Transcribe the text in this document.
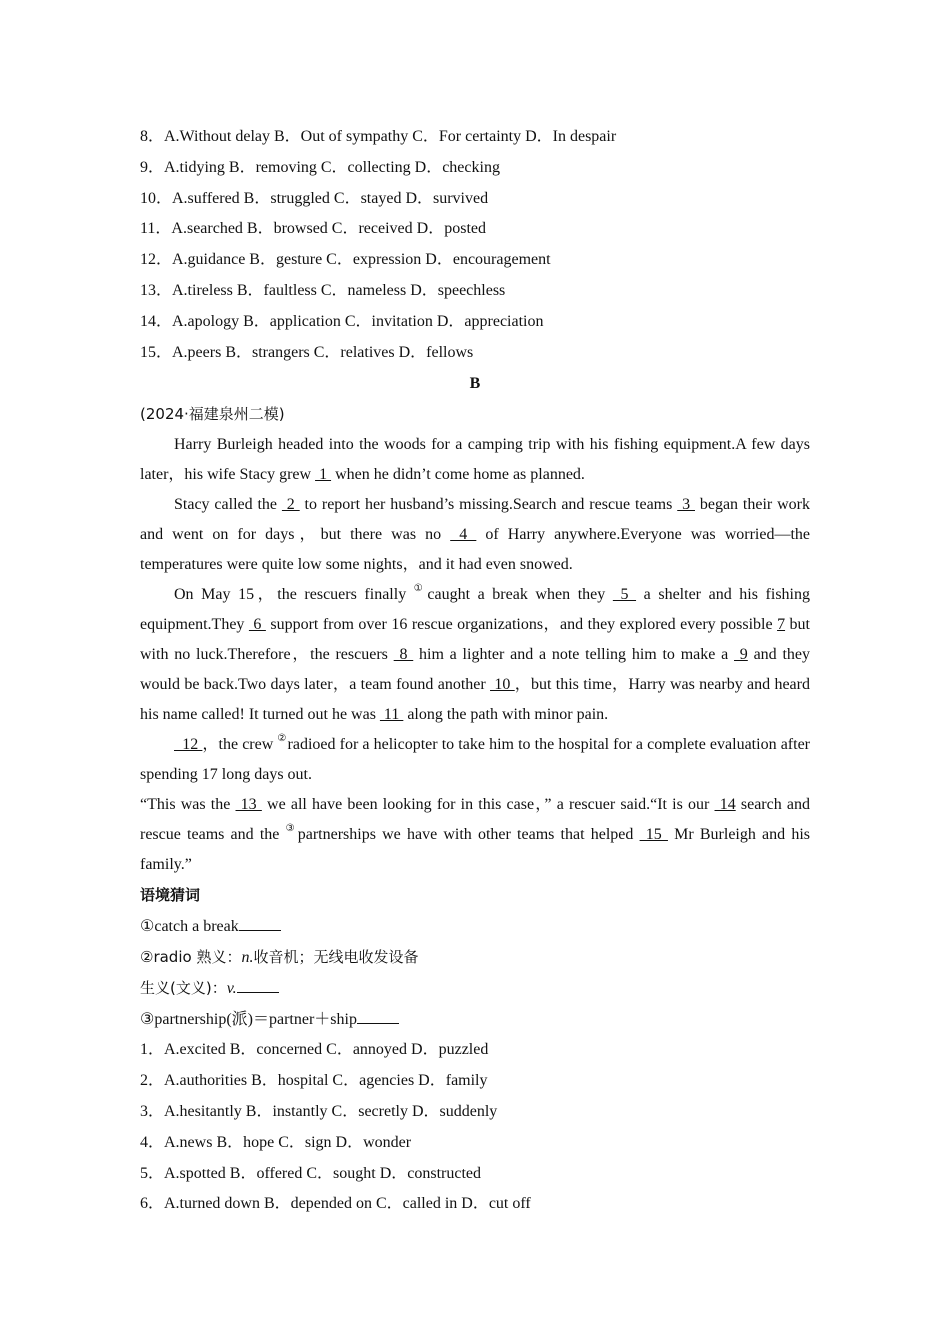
8．A.Without delay B．Out of sympathy C．For certainty D．In despair
9．A.tidying B．removing C．collecting D．checking
10．A.suffered B．struggled C．stayed D．survived
11．A.searched B．browsed C．received D．posted
12．A.guidance B．gesture C．expression D．encouragement
13．A.tireless B．faultless C．nameless D．speechless
14．A.apology B．application C．invitation D．appreciation
15．A.peers B．strangers C．relatives D．fellows
B
(2024·福建泉州二模)

Harry Burleigh headed into the woods for a camping trip with his fishing equipment.A few days later，his wife Stacy grew  1  when he didn’t come home as planned.

Stacy called the  2  to report her husband’s missing.Search and rescue teams  3  began their work and went on for days，but there was no  4  of Harry anywhere.Everyone was worried—the temperatures were quite low some nights，and it had even snowed.

On May 15，the rescuers finally ①caught a break when they  5  a shelter and his fishing equipment.They  6  support from over 16 rescue organizations，and they explored every possible 7 but with no luck.Therefore，the rescuers  8  him a lighter and a note telling him to make a  9 and they would be back.Two days later，a team found another  10 ，but this time，Harry was nearby and heard his name called! It turned out he was  11  along the path with minor pain.

12 ，the crew ②radioed for a helicopter to take him to the hospital for a complete evaluation after spending 17 long days out.

“This was the  13  we all have been looking for in this case，” a rescuer said.“It is our  14 search and rescue teams and the ③partnerships we have with other teams that helped  15  Mr Burleigh and his family.”

语境猜词
①catch a break
②radio 熟义：n.收音机；无线电收发设备
生义(文义)：v.
③partnership(派)＝partner＋ship
1．A.excited B．concerned C．annoyed D．puzzled
2．A.authorities B．hospital C．agencies D．family
3．A.hesitantly B．instantly C．secretly D．suddenly
4．A.news B．hope C．sign D．wonder
5．A.spotted B．offered C．sought D．constructed
6．A.turned down B．depended on C．called in D．cut off
